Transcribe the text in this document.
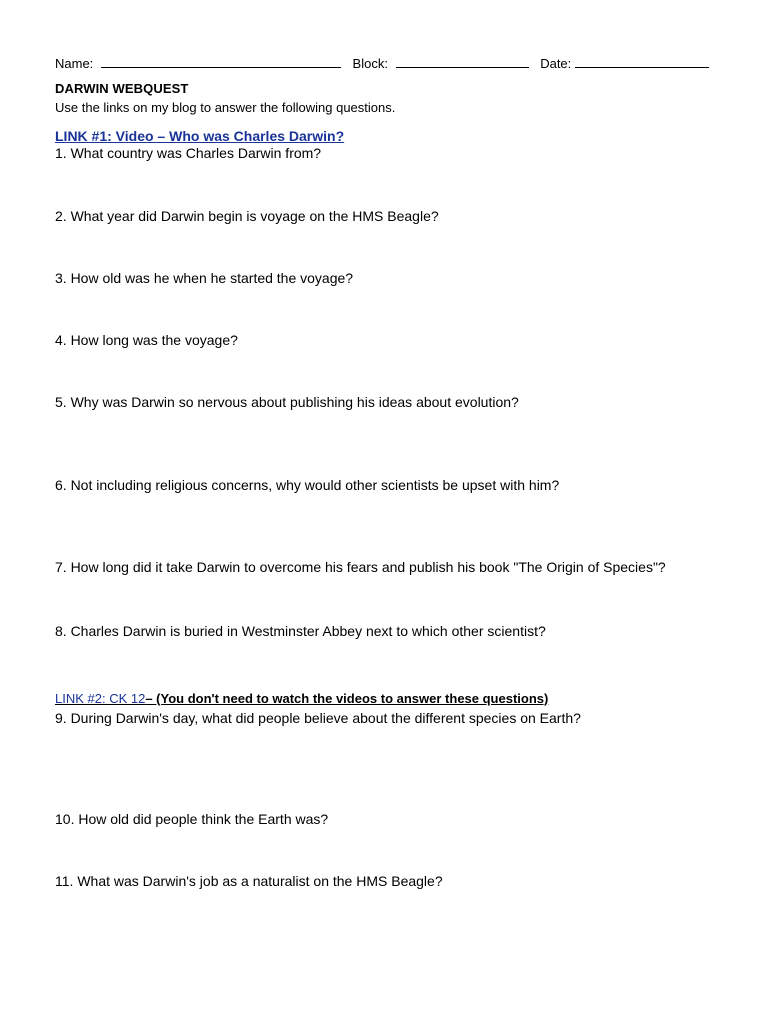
Name:	Block:	Date:
DARWIN WEBQUEST
Use the links on my blog to answer the following questions.
LINK #1: Video – Who was Charles Darwin?
1. What country was Charles Darwin from?
2. What year did Darwin begin is voyage on the HMS Beagle?
3. How old was he when he started the voyage?
4. How long was the voyage?
5. Why was Darwin so nervous about publishing his ideas about evolution?
6. Not including religious concerns, why would other scientists be upset with him?
7. How long did it take Darwin to overcome his fears and publish his book "The Origin of Species"?
8. Charles Darwin is buried in Westminster Abbey next to which other scientist?
LINK #2: CK 12– (You don't need to watch the videos to answer these questions)
9. During Darwin's day, what did people believe about the different species on Earth?
10. How old did people think the Earth was?
11. What was Darwin's job as a naturalist on the HMS Beagle?
